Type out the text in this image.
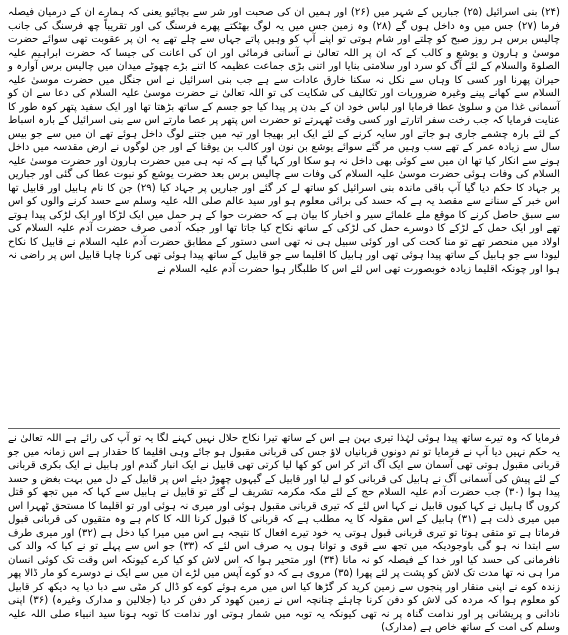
(۲۴) بنی اسرائیل (۲۵) جباریں کے شہر میں (۲۶) اور ہمیں ان کی صحبت اور شر سے بچائیو یعنی کہ ہمارے ان کے درمیان فیصلہ فرما (۲۷) جس میں وہ داخل ہوں گے (۲۸) وہ زمین جس میں یہ لوگ بھٹکتے پھرے فرسنگ کی اور تقریباً چھ فرسنگ کی جانب چالیس برس ہر روز صبح کو چلتے اور شام ہوتی تو اپنے آپ کو وہیں پاتے جہاں سے چلے تھے یہ ان پر عقوبت تھی سوائے حضرت موسیٰ و ہارون و یوشع و کالب کے کہ ان پر اللہ تعالیٰ نے آسانی فرمائی اور ان کی اعانت کی جیسا کہ حضرت ابراہیم علیہ الصلوۃ والسلام کے لئے آگ کو سرد اور سلامتی بنایا اور اتنی بڑی جماعت عظیمہ کا اتنے بڑے چھوٹے میدان میں چالیس برس آوارہ و حیران پھرنا اور کسی کا وہاں سے نکل نہ سکنا خارق عادات سے ہے جب بنی اسرائیل نے اس جنگل میں حضرت موسیٰ علیہ السلام سے کھانے پینے وغیرہ ضروریات اور تکالیف کی شکایت کی تو اللہ تعالیٰ نے حضرت موسیٰ علیہ السلام کی دعا سے ان کو آسمانی غذا من و سلویٰ عطا فرمایا اور لباس خود ان کے بدن پر پیدا کیا جو جسم کے ساتھ بڑھتا تھا اور ایک سفید پتھر کوہ طور کا عنایت فرمایا کہ جب رخت سفر اتارتے اور کسی وقت ٹھہرتے تو حضرت اس پتھر پر عصا مارتے اس سے بنی اسرائیل کے بارہ اسباط کے لئے بارہ چشمے جاری ہو جاتے اور سایہ کرنے کے لئے ایک ابر بھیجا اور تیہ میں جتنے لوگ داخل ہوئے تھے ان میں سے جو بیس سال سے زیادہ عمر کے تھے سب وہیں مر گئے سوائے یوشع بن نون اور کالب بن یوقنا کے اور جن لوگوں نے ارض مقدسہ میں داخل ہونے سے انکار کیا تھا ان میں سے کوئی بھی داخل نہ ہو سکا اور کہا گیا ہے کہ تیہ ہی میں حضرت ہارون اور حضرت موسیٰ علیہ السلام کی وفات ہوئی حضرت موسیٰ علیہ السلام کی وفات سے چالیس برس بعد حضرت یوشع کو نبوت عطا کی گئی اور جباریں پر جہاد کا حکم دیا گیا آپ باقی ماندہ بنی اسرائیل کو ساتھ لے کر گئے اور جباریں پر جہاد کیا (۲۹) جن کا نام ہابیل اور قابیل تھا اس خبر کے سنانے سے مقصد یہ ہے کہ حسد کی برائی معلوم ہو اور سید عالم صلی اللہ علیہ وسلم سے حسد کرنے والوں کو اس سے سبق حاصل کرنے کا موقع ملے علمائے سیر و اخبار کا بیان ہے کہ حضرت حوا کے ہر حمل میں ایک لڑکا اور ایک لڑکی پیدا ہوتے تھے اور ایک حمل کے لڑکے کا دوسرے حمل کی لڑکی کے ساتھ نکاح کیا جاتا تھا اور جبکہ آدمی صرف حضرت آدم علیہ السلام کی اولاد میں منحصر تھے تو منا کحت کی اور کوئی سبیل ہی نہ تھی اسی دستور کے مطابق حضرت آدم علیہ السلام نے قابیل کا نکاح لیودا سے جو ہابیل کے ساتھ پیدا ہوئی تھی اور ہابیل کا اقلیما سے جو قابیل کے ساتھ پیدا ہوئی تھی کرنا چاہا قابیل اس پر راضی نہ ہوا اور چونکہ اقلیما زیادہ خوبصورت تھی اس لئے اس کا طلبگار ہوا حضرت آدم علیہ السلام نے

فرمایا کہ وہ تیرے ساتھ پیدا ہوئی لہٰذا تیری بہن ہے اس کے ساتھ تیرا نکاح حلال نہیں کہنے لگا یہ تو آپ کی رائے ہے اللہ تعالیٰ نے یہ حکم نہیں دیا آپ نے فرمایا تو تم دونوں قربانیاں لاؤ جس کی قربانی مقبول ہو جائے وہی اقلیما کا حقدار ہے اس زمانہ میں جو قربانی مقبول ہوتی تھی آسمان سے ایک آگ اتر کر اس کو کھا لیا کرتی تھی قابیل نے ایک انبار گندم اور ہابیل نے ایک بکری قربانی کے لئے پیش کی آسمانی آگ نے ہابیل کی قربانی کو لے لیا اور قابیل کے گیہوں چھوڑ دیئے اس پر قابیل کے دل میں بہت بغض و حسد پیدا ہوا (۳۰) جب حضرت آدم علیہ السلام حج کے لئے مکہ مکرمہ تشریف لے گئے تو قابیل نے ہابیل سے کہا کہ میں تجھ کو قتل کروں گا ہابیل نے کہا کیوں قابیل نے کہا اس لئے کہ تیری قربانی مقبول ہوئی اور میری نہ ہوئی اور تو اقلیما کا مستحق ٹھہرا اس میں میری ذلت ہے (۳۱) ہابیل کے اس مقولہ کا یہ مطلب ہے کہ قربانی کا قبول کرنا اللہ کا کام ہے وہ متقیوں کی قربانی قبول فرماتا ہے تو متقی ہوتا تو تیری قربانی قبول ہوتی یہ خود تیرے افعال کا نتیجہ ہے اس میں میرا کیا دخل ہے (۳۲) اور میری طرف سے ابتدا نہ ہو گی باوجودیکہ میں تجھ سے قوی و توانا ہوں یہ صرف اس لئے کہ (۳۳) جو اس سے پہلے تو نے کیا کہ والد کی نافرمانی کی حسد کیا اور خدا کے فیصلہ کو نہ مانا (۳۴) اور متحیر ہوا کہ اس لاش کو کیا کرے کیونکہ اس وقت تک کوئی انسان مرا ہی نہ تھا مدت تک لاش کو پشت پر لئے پھرا (۳۵) مروی ہے کہ دو کوے آپس میں لڑے ان میں سے ایک نے دوسرے کو مار ڈالا پھر زندہ کوے نے اپنی منقار اور پنجوں سے زمین کرید کر گڑھا کیا اس میں مرے ہوئے کوے کو ڈال کر مٹی سے دبا دیا یہ دیکھ کر قابیل کو معلوم ہوا کہ مردہ کی لاش کو دفن کرنا چاہئے چنانچہ اس نے زمین کھود کر دفن کر دیا (جلالین و مدارک وغیرہ) (۳۶) اپنی نادانی و پریشانی پر اور ندامت گناہ پر نہ تھی کیونکہ یہ توبہ میں شمار ہوتی اور ندامت کا توبہ ہونا سید انبیاء صلی اللہ علیہ وسلم کی امت کے ساتھ خاص ہے (مدارک)
